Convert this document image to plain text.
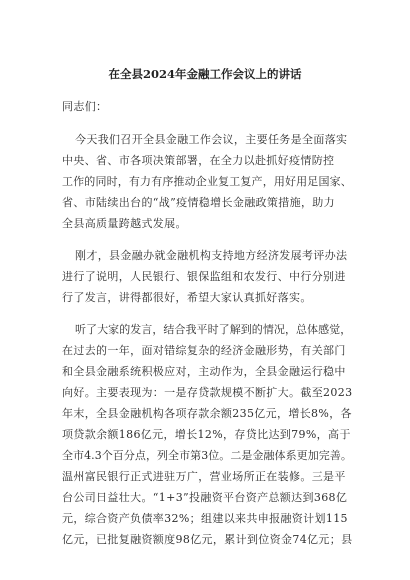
在全县2024年金融工作会议上的讲话
同志们：
今天我们召开全县金融工作会议，主要任务是全面落实
中央、省、市各项决策部署，在全力以赴抓好疫情防控
工作的同时，有力有序推动企业复工复产，用好用足国家、
省、市陆续出台的“战”疫情稳增长金融政策措施，助力
全县高质量跨越式发展。
刚才，县金融办就金融机构支持地方经济发展考评办法
进行了说明，人民银行、银保监组和农发行、中行分别进
行了发言，讲得都很好，希望大家认真抓好落实。
听了大家的发言，结合我平时了解到的情况，总体感觉，
在过去的一年，面对错综复杂的经济金融形势，有关部门
和全县金融系统积极应对，主动作为，全县金融运行稳中
向好。主要表现为：一是存贷款规模不断扩大。截至2023
年末，全县金融机构各项存款余额235亿元，增长8%，各
项贷款余额186亿元，增长12%，存贷比达到79%，高于
全市4.3个百分点，列全市第3位。二是金融体系更加完善。
温州富民银行正式进驻万广，营业场所正在装修。三是平
台公司日益壮大。“1+3”投融资平台资产总额达到368亿
元，综合资产负债率32%；组建以来共申报融资计划115
亿元，已批复融资额度98亿元，累计到位资金74亿元；县
